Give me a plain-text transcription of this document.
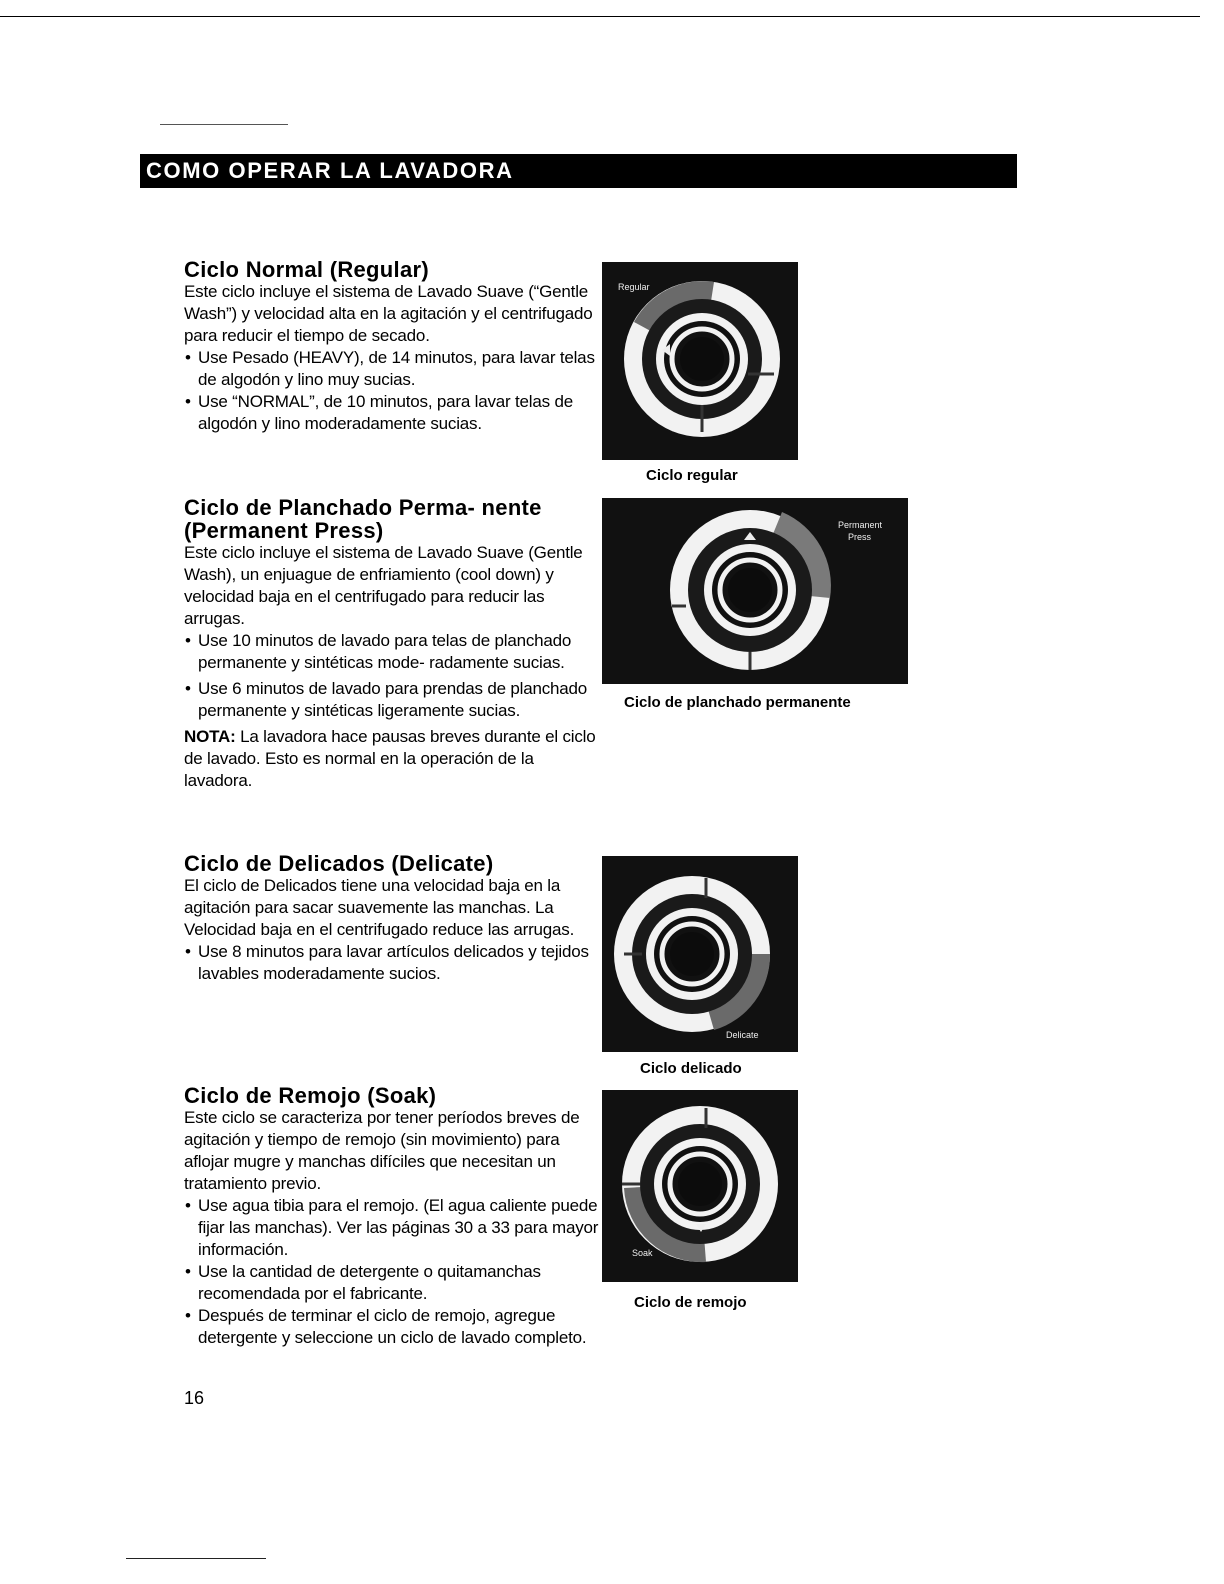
COMO OPERAR LA LAVADORA
Ciclo Normal (Regular)

Este ciclo incluye el sistema de Lavado Suave (“Gentle Wash”) y velocidad alta en la agitación y el centrifugado para reducir el tiempo de secado.

• Use Pesado (HEAVY), de 14 minutos, para lavar telas de algodón y lino muy sucias.
• Use “NORMAL”, de 10 minutos, para lavar telas de algodón y lino moderadamente sucias.
Ciclo de Planchado Perma- nente (Permanent Press)

Este ciclo incluye el sistema de Lavado Suave (Gentle Wash), un enjuague de enfriamiento (cool down) y velocidad baja en el centrifugado para reducir las arrugas.

• Use 10 minutos de lavado para telas de planchado permanente y sintéticas mode- radamente sucias.
• Use 6 minutos de lavado para prendas de planchado permanente y sintéticas ligeramente sucias.

NOTA: La lavadora hace pausas breves durante el ciclo de lavado. Esto es normal en la operación de la lavadora.

Ciclo de Delicados (Delicate)

El ciclo de Delicados tiene una velocidad baja en la agitación para sacar suavemente las manchas. La Velocidad baja en el centrifugado reduce las arrugas.

• Use 8 minutos para lavar artículos delicados y tejidos lavables moderadamente sucios.
Ciclo de Remojo (Soak)

Este ciclo se caracteriza por tener períodos breves de agitación y tiempo de remojo (sin movimiento) para aflojar mugre y manchas difíciles que necesitan un tratamiento previo.

• Use agua tibia para el remojo. (El agua caliente puede fijar las manchas). Ver las páginas 30 a 33 para mayor información.
• Use la cantidad de detergente o quitamanchas recomendada por el fabricante.
• Después de terminar el ciclo de remojo, agregue detergente y seleccione un ciclo de lavado completo.
Regular
Ciclo regular
Permanent
Press
Ciclo de planchado permanente
Delicate
Ciclo delicado
Soak
Ciclo de remojo
16
